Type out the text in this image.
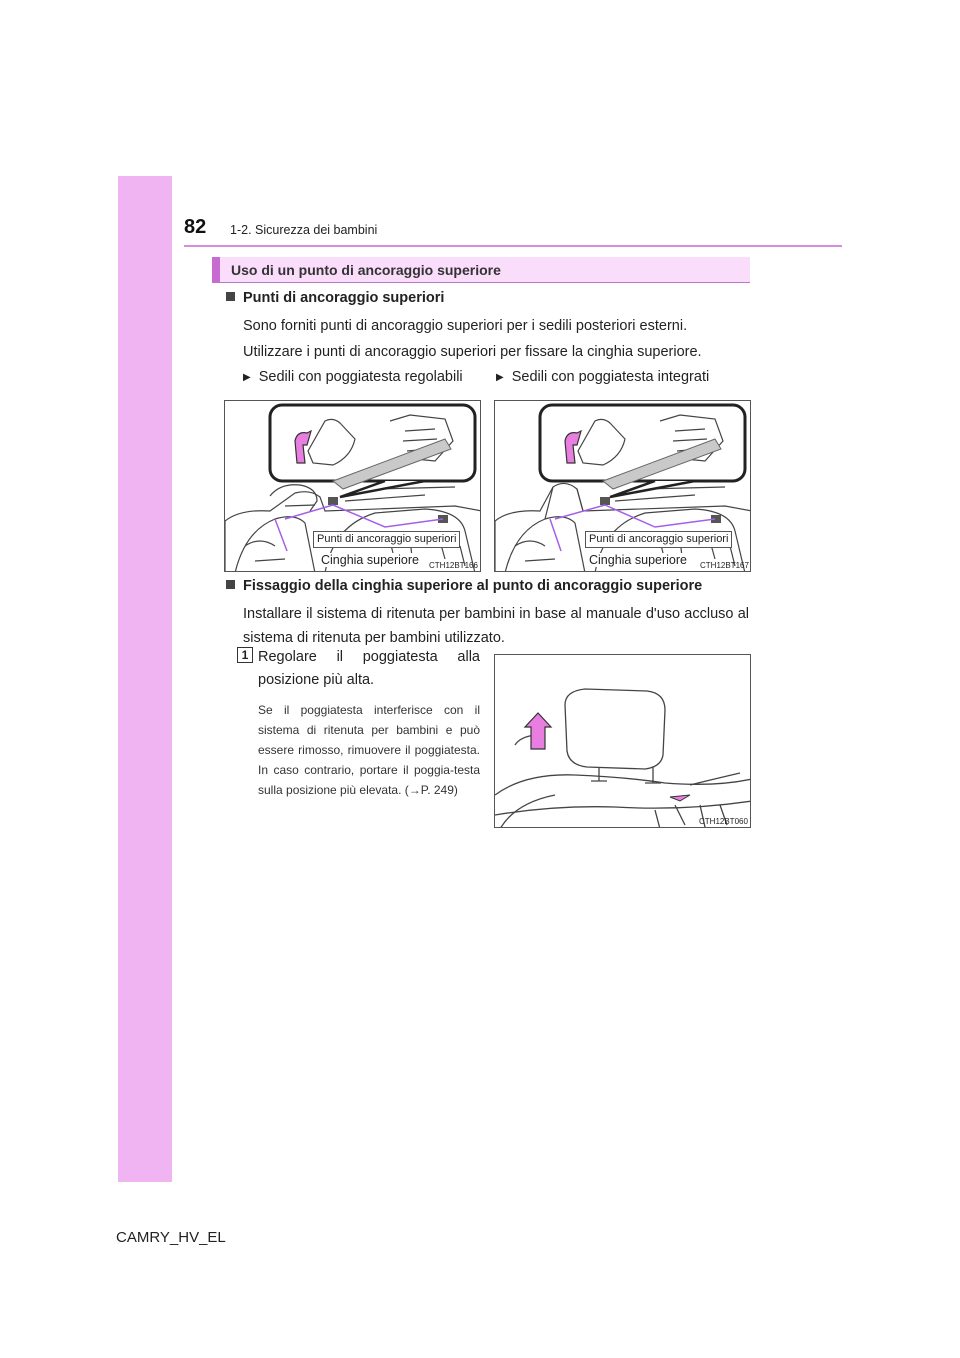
82 1-2. Sicurezza dei bambini
Uso di un punto di ancoraggio superiore
Punti di ancoraggio superiori

Sono forniti punti di ancoraggio superiori per i sedili posteriori esterni.

Utilizzare i punti di ancoraggio superiori per fissare la cinghia superiore.

▶ Sedili con poggiatesta regolabili	▶ Sedili con poggiatesta integrati
Punti di ancoraggio superiori
Cinghia superiore CTH12BT166
Punti di ancoraggio superiori
Cinghia superiore CTH12BT167
Fissaggio della cinghia superiore al punto di ancoraggio superiore

Installare il sistema di ritenuta per bambini in base al manuale d'uso accluso al sistema di ritenuta per bambini utilizzato.

1 Regolare il poggiatesta alla posizione più alta.

Se il poggiatesta interferisce con il sistema di ritenuta per bambini e può essere rimosso, rimuovere il poggiatesta. In caso contrario, portare il poggia-testa sulla posizione più elevata. (→P. 249)

CTH12BT060
CAMRY_HV_EL
